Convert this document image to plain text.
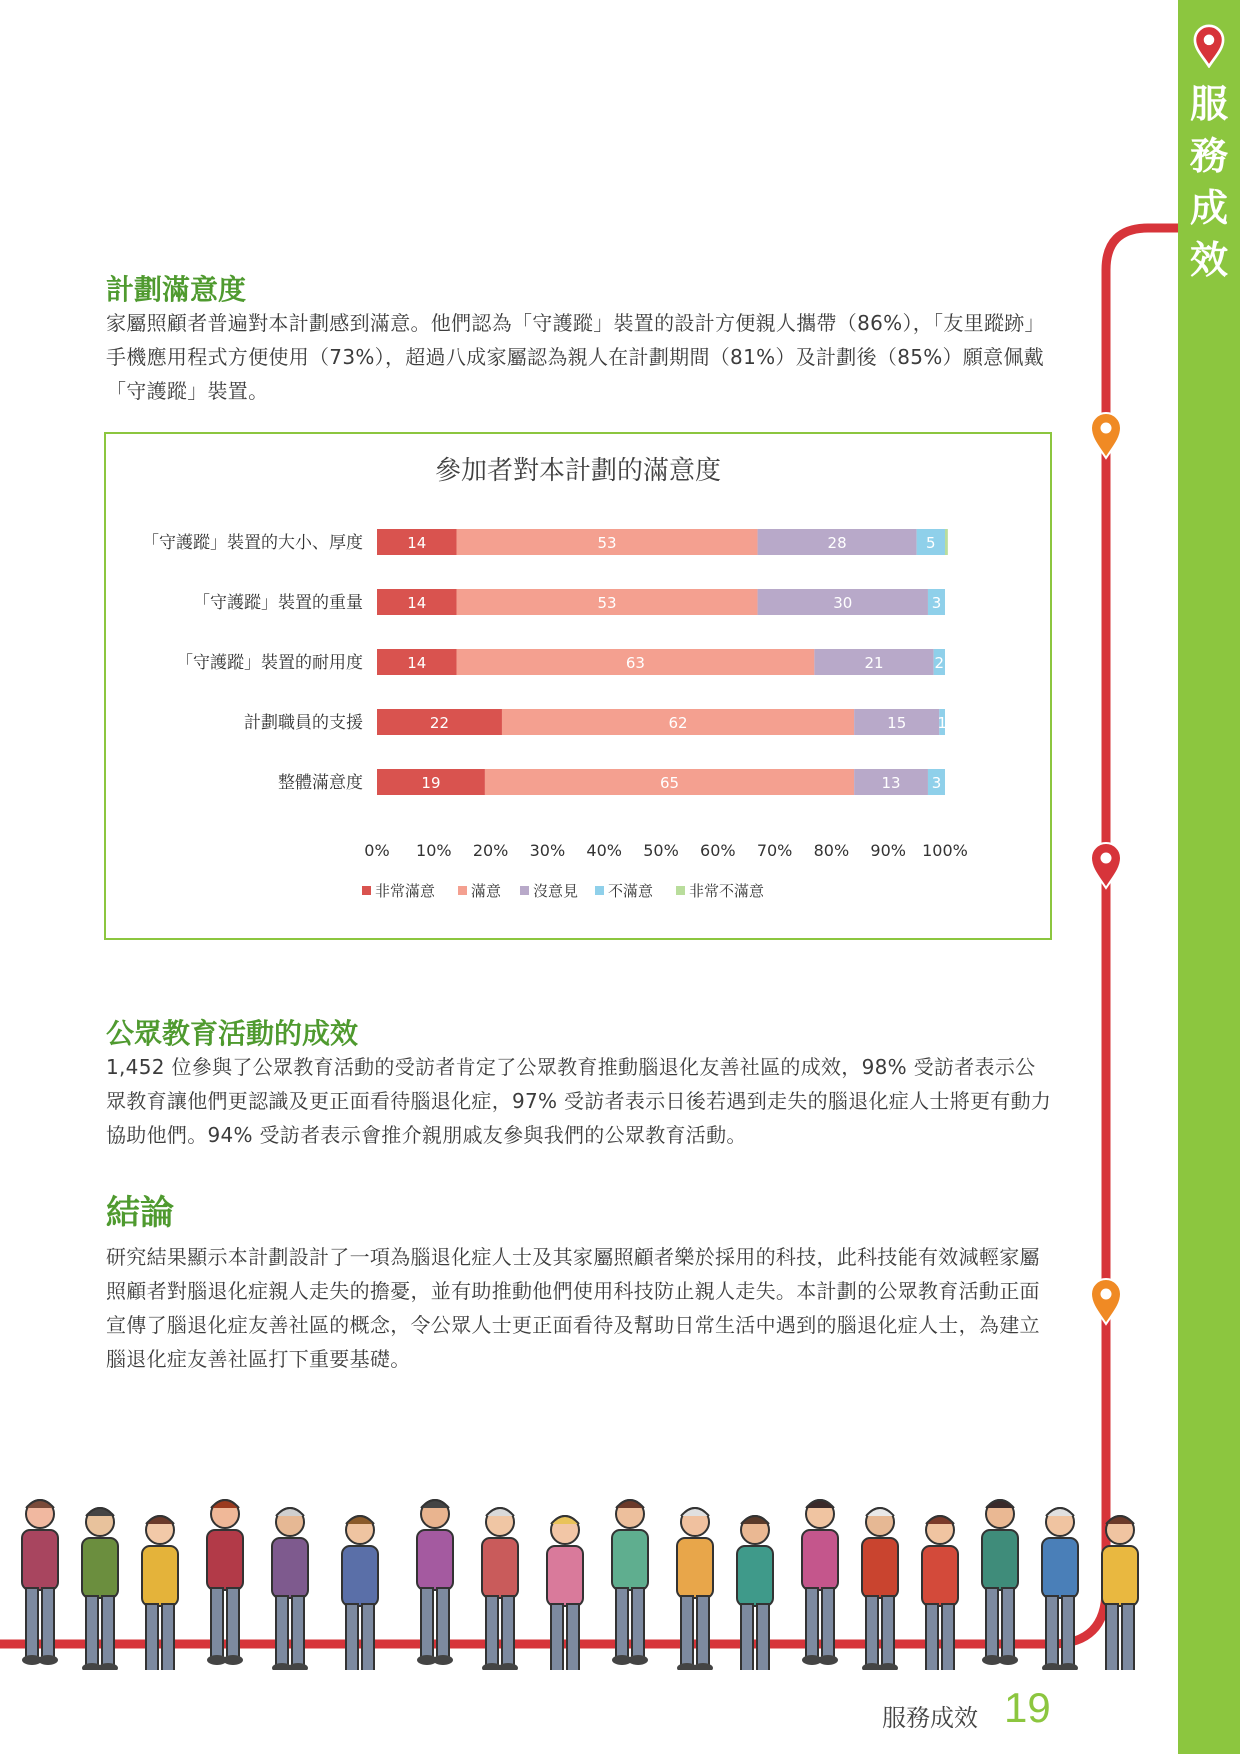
服
務
成
效
計劃滿意度

家屬照顧者普遍對本計劃感到滿意。他們認為「守護蹤」裝置的設計方便親人攜帶（86%），「友里蹤跡」手機應用程式方便使用（73%），超過八成家屬認為親人在計劃期間（81%）及計劃後（85%）願意佩戴「守護蹤」裝置。

參加者對本計劃的滿意度
「守護蹤」裝置的大小、厚度	14	53	28	5
「守護蹤」裝置的重量	14	53	30	3
「守護蹤」裝置的耐用度	14	63	21	2
計劃職員的支援	22	62	15 1
整體滿意度	19	65	13 3
0% 10% 20% 30% 40% 50% 60% 70% 80% 90% 100%
非常滿意 滿意 沒意見 不滿意 非常不滿意
公眾教育活動的成效

1,452 位參與了公眾教育活動的受訪者肯定了公眾教育推動腦退化友善社區的成效，98% 受訪者表示公眾教育讓他們更認識及更正面看待腦退化症，97% 受訪者表示日後若遇到走失的腦退化症人士將更有動力協助他們。94% 受訪者表示會推介親朋戚友參與我們的公眾教育活動。

結論

研究結果顯示本計劃設計了一項為腦退化症人士及其家屬照顧者樂於採用的科技，此科技能有效減輕家屬照顧者對腦退化症親人走失的擔憂，並有助推動他們使用科技防止親人走失。本計劃的公眾教育活動正面宣傳了腦退化症友善社區的概念，令公眾人士更正面看待及幫助日常生活中遇到的腦退化症人士，為建立腦退化症友善社區打下重要基礎。

服務成效 19
